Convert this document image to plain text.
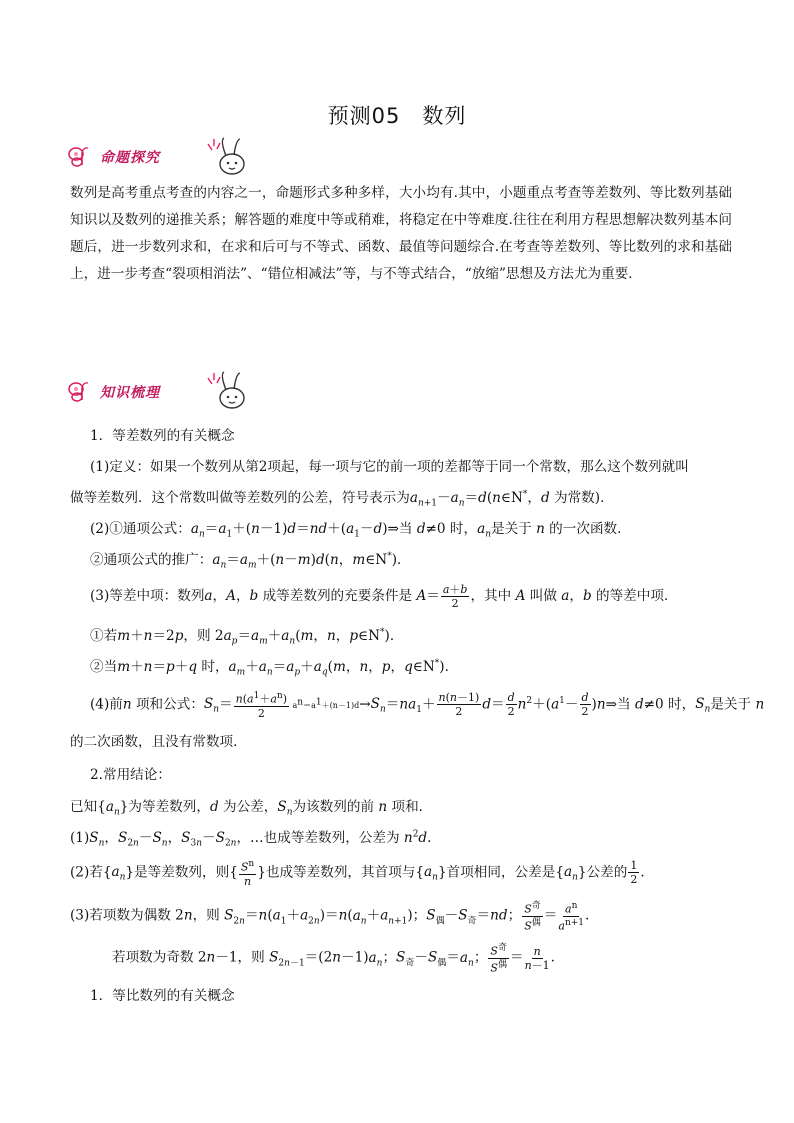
预测05　数列
命题探究
数列是高考重点考查的内容之一，命题形式多种多样，大小均有.其中，小题重点考查等差数列、等比数列基础知识以及数列的递推关系；解答题的难度中等或稍难，将稳定在中等难度.往往在利用方程思想解决数列基本问题后，进一步数列求和，在求和后可与不等式、函数、最值等问题综合.在考查等差数列、等比数列的求和基础上，进一步考查“裂项相消法”、“错位相减法”等，与不等式结合，“放缩”思想及方法尤为重要．
知识梳理
1．等差数列的有关概念
(1)定义：如果一个数列从第2项起，每一项与它的前一项的差都等于同一个常数，那么这个数列就叫
做等差数列．这个常数叫做等差数列的公差，符号表示为$a_{n+1}-a_n=d(n\in N^*$，d 为常数)．
(2)①通项公式：$a_n=a_1+(n-1)d=nd+(a_1-d)\Rightarrow$当 d≠0 时，$a_n$是关于 n 的一次函数．
②通项公式的推广：$a_n=a_m+(n-m)d(n$，m∈N*)．
(3)等差中项：数列a，A，b 成等差数列的充要条件是 $A= \frac{a+b}{2}$ ，其中 A 叫做 a，b 的等差中项．
①若m＋n＝2p，则 $2a_p=a_m+a_n(m$，n，p∈N*)．
②当m＋n＝p＋q 时，$a_m+a_n=a_p+a_q(m$，n，p，q∈N*)．
(4)前n 项和公式：$S_n= \frac{n(a^1+a^n)}{2} a^n=a^1+(n-1)d\to S_n=na_1+ \frac{n(n-1)}{2} d= \frac{d}{2} n^2+(a^1- \frac{d}{2}$ )n⇒当 d≠0 时，$S_n$是关于 n
的二次函数，且没有常数项．
2.常用结论：
已知$\{a_n\}$为等差数列，d 为公差，$S_n$为该数列的前 n 项和．
$(1)S_n$，$S_{2n}-S_n$，$S_{3n}-S_{2n}$，…也成等差数列，公差为 $n^2d$.
(2)若$\{a_n\}$是等差数列，则{ $\frac{S^n}{n}$ }也成等差数列，其首项与$\{a_n\}$首项相同，公差是$\{a_n\}$公差的 $\frac{1}{2}$ .
(3)若项数为偶数 2n，则 $S_{2n}=n(a_1+a_{2n})=n(a_n+a_{n+1})$；$S_偶-S_奇=nd$； $\frac{S^奇}{S^偶} = \frac{a^n}{a^{n+1}}$ .
若项数为奇数 2n－1，则 $S_{2n-1}=(2n-1)a_n$；$S_奇-S_偶=a_n$； $\frac{S^奇}{S^偶} = \frac{n}{n-1}$ .
1．等比数列的有关概念
